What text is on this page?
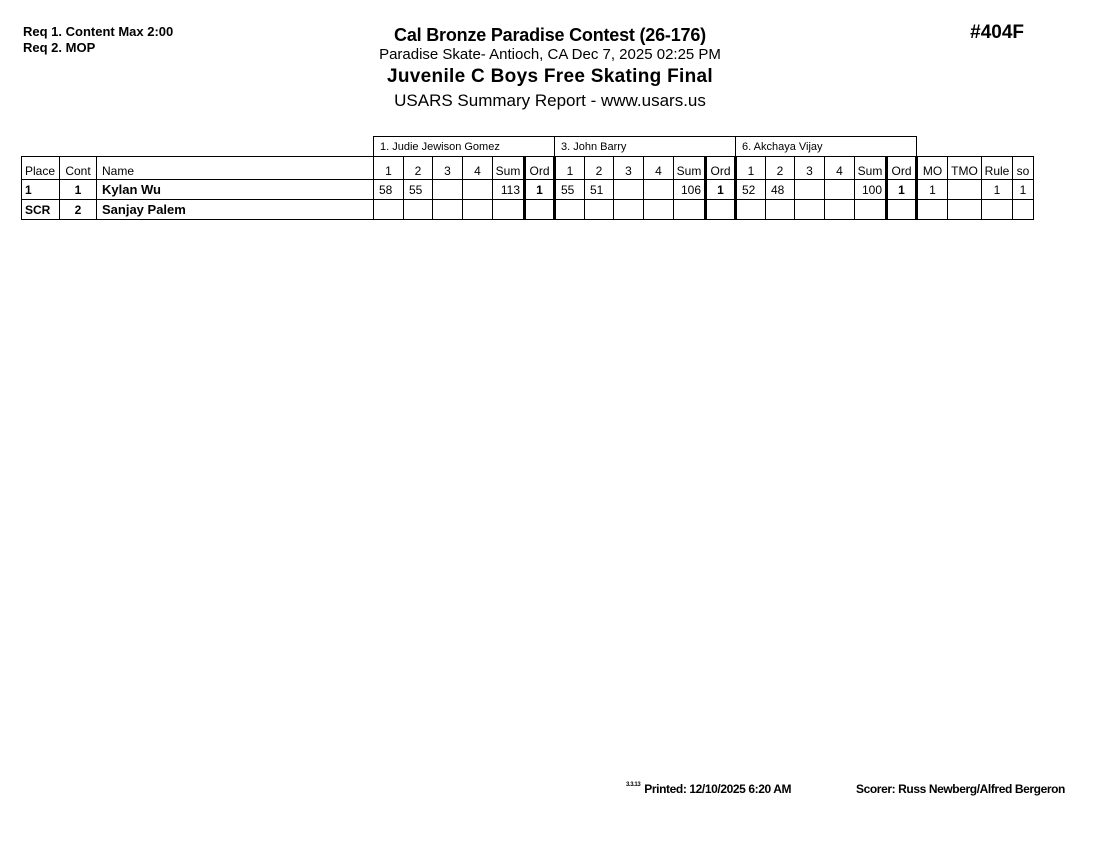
Req 1. Content Max 2:00
Req 2. MOP
#404F
Cal Bronze Paradise Contest (26-176)
Paradise Skate- Antioch, CA Dec 7, 2025 02:25 PM
Juvenile C Boys Free Skating Final
USARS Summary Report - www.usars.us
1. Judie Jewison Gomez	3. John Barry	6. Akchaya Vijay
Place	Cont	Name	1	2	3	4	Sum	Ord	1	2	3	4	Sum	Ord	1	2	3	4	Sum	Ord	MO	TMO	Rule	so
1	1	Kylan Wu	58	55			113	1	55	51			106	1	52	48			100	1	1		1	1
SCR	2	Sanjay Palem																						
$^{3.3.13}$ Printed: 12/10/2025 6:20 AM	Scorer: Russ Newberg/Alfred Bergeron
